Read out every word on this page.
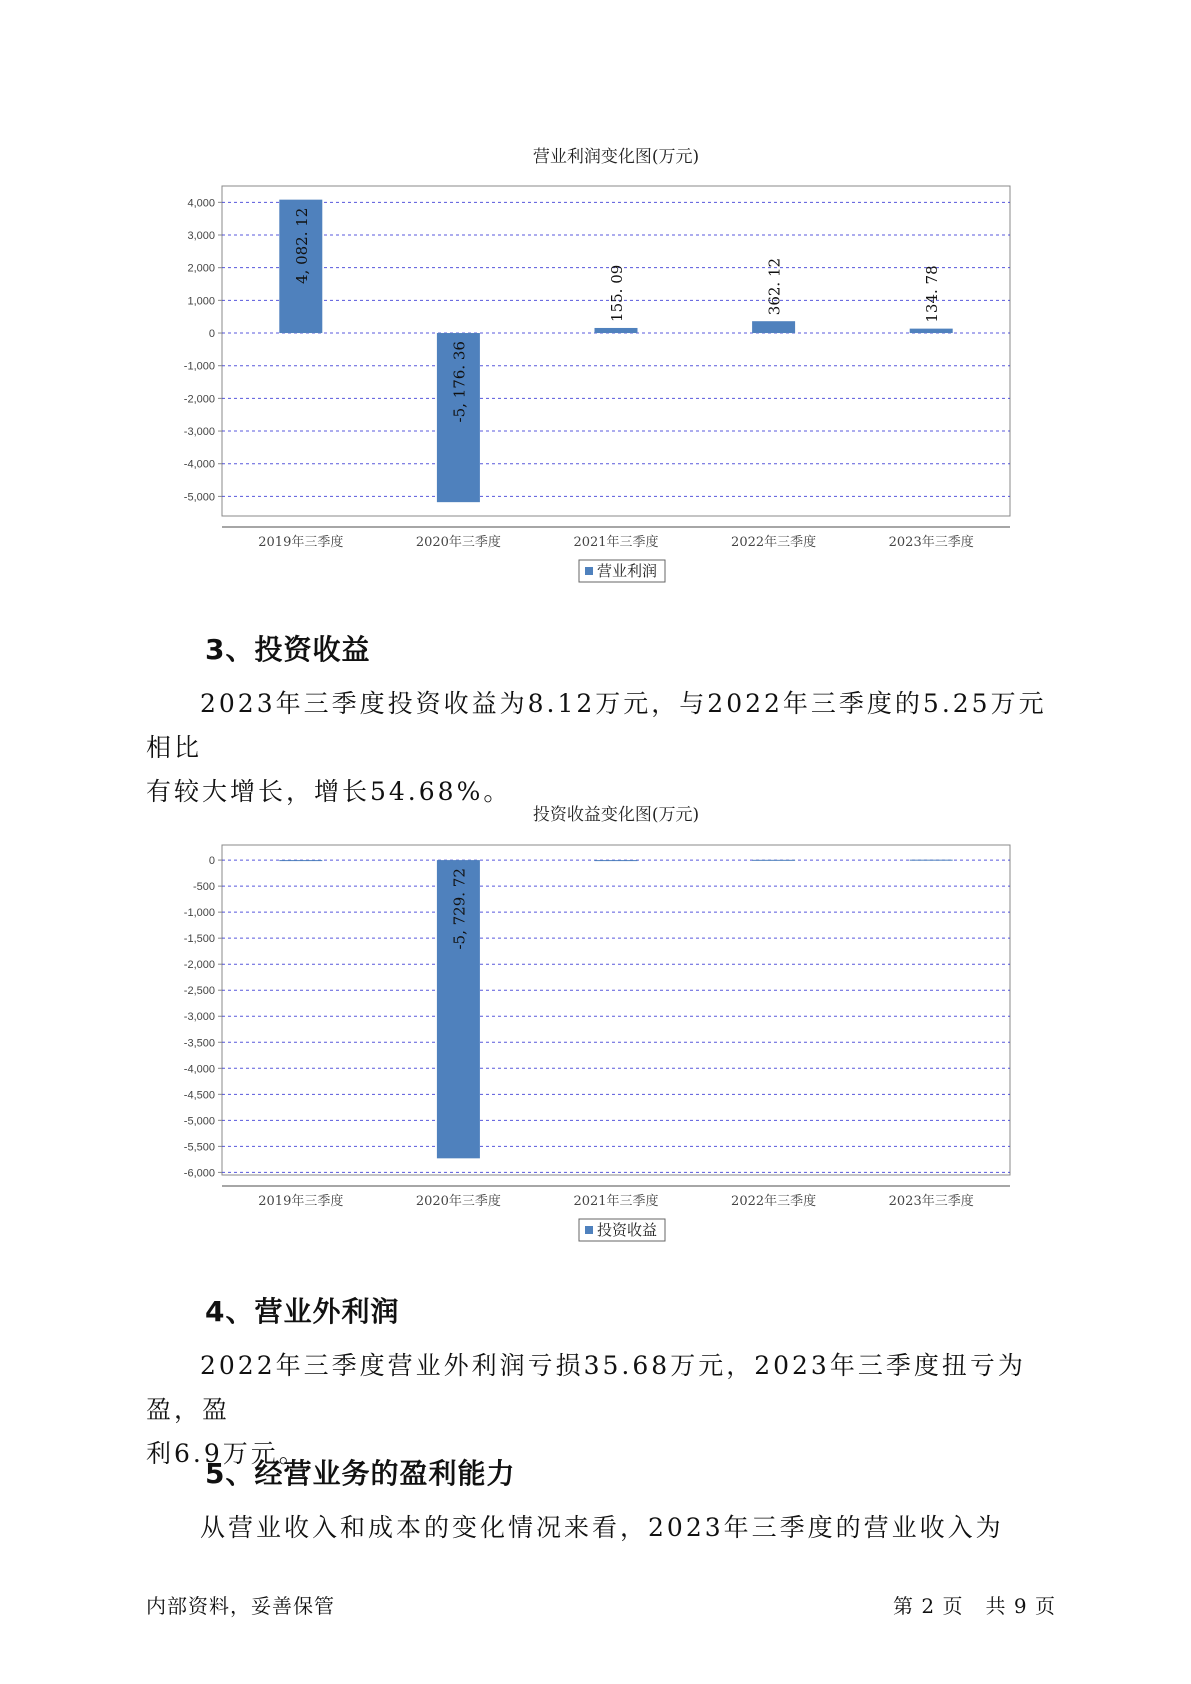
营业利润变化图(万元)
4,000
3,000
2,000
1,000
0
-1,000
-2,000
-3,000
-4,000
-5,000
2019年三季度
4, 082. 12
2020年三季度
-5, 176. 36
2021年三季度
155. 09
2022年三季度
362. 12
2023年三季度
134. 78
营业利润
3、投资收益
2023年三季度投资收益为8.12万元，与2022年三季度的5.25万元相比
有较大增长，增长54.68%。
投资收益变化图(万元)
0
-500
-1,000
-1,500
-2,000
-2,500
-3,000
-3,500
-4,000
-4,500
-5,000
-5,500
-6,000
2019年三季度	2020年三季度
-5, 729. 72
2021年三季度	2022年三季度	2023年三季度
投资收益
4、营业外利润
2022年三季度营业外利润亏损35.68万元，2023年三季度扭亏为盈，盈
利6.9万元。
5、经营业务的盈利能力
从营业收入和成本的变化情况来看，2023年三季度的营业收入为
内部资料，妥善保管	第 2 页   共 9 页
